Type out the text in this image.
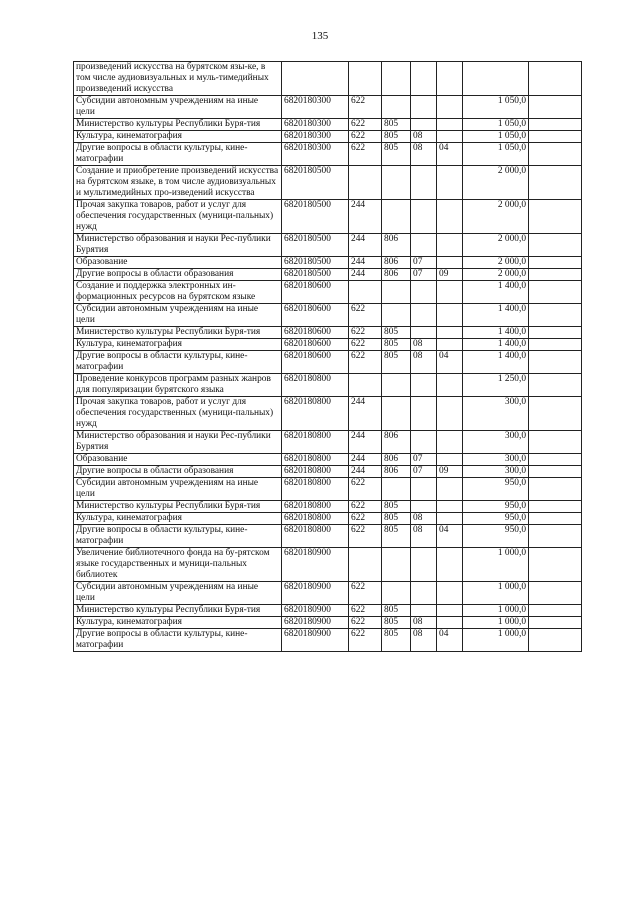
135
произведений искусства на бурятском язы-ке, в том числе аудиовизуальных и муль-тимедийных произведений искусства							
Субсидии автономным учреждениям на иные цели	6820180300	622				1 050,0	
Министерство культуры Республики Буря-тия	6820180300	622	805			1 050,0	
Культура, кинематография	6820180300	622	805	08		1 050,0	
Другие вопросы в области культуры, кине-матографии	6820180300	622	805	08	04	1 050,0	
Создание и приобретение произведений искусства на бурятском языке, в том числе аудиовизуальных и мультимедийных про-изведений искусства	6820180500					2 000,0	
Прочая закупка товаров, работ и услуг для обеспечения государственных (муници-пальных) нужд	6820180500	244				2 000,0	
Министерство образования и науки Рес-публики Бурятия	6820180500	244	806			2 000,0	
Образование	6820180500	244	806	07		2 000,0	
Другие вопросы в области образования	6820180500	244	806	07	09	2 000,0	
Создание и поддержка электронных ин-формационных ресурсов на бурятском языке	6820180600					1 400,0	
Субсидии автономным учреждениям на иные цели	6820180600	622				1 400,0	
Министерство культуры Республики Буря-тия	6820180600	622	805			1 400,0	
Культура, кинематография	6820180600	622	805	08		1 400,0	
Другие вопросы в области культуры, кине-матографии	6820180600	622	805	08	04	1 400,0	
Проведение конкурсов программ разных жанров для популяризации бурятского языка	6820180800					1 250,0	
Прочая закупка товаров, работ и услуг для обеспечения государственных (муници-пальных) нужд	6820180800	244				300,0	
Министерство образования и науки Рес-публики Бурятия	6820180800	244	806			300,0	
Образование	6820180800	244	806	07		300,0	
Другие вопросы в области образования	6820180800	244	806	07	09	300,0	
Субсидии автономным учреждениям на иные цели	6820180800	622				950,0	
Министерство культуры Республики Буря-тия	6820180800	622	805			950,0	
Культура, кинематография	6820180800	622	805	08		950,0	
Другие вопросы в области культуры, кине-матографии	6820180800	622	805	08	04	950,0	
Увеличение библиотечного фонда на бу-рятском языке государственных и муници-пальных библиотек	6820180900					1 000,0	
Субсидии автономным учреждениям на иные цели	6820180900	622				1 000,0	
Министерство культуры Республики Буря-тия	6820180900	622	805			1 000,0	
Культура, кинематография	6820180900	622	805	08		1 000,0	
Другие вопросы в области культуры, кине-матографии	6820180900	622	805	08	04	1 000,0	
